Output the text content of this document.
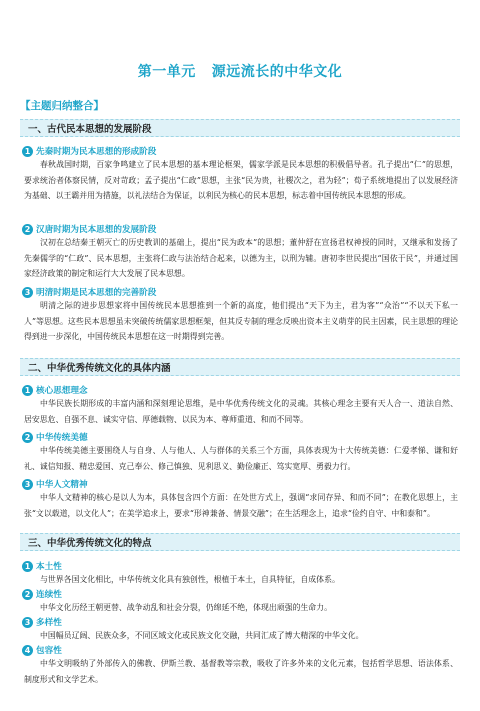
第一单元 源远流长的中华文化
【主题归纳整合】
一、古代民本思想的发展阶段
1 先秦时期为民本思想的形成阶段

春秋战国时期，百家争鸣建立了民本思想的基本理论框架，儒家学派是民本思想的积极倡导者。孔子提出“仁”的思想，要求统治者体察民情，反对苛政；孟子提出“仁政”思想，主张“民为贵，社稷次之，君为轻”；荀子系统地提出了以发展经济为基础、以王霸并用为措施，以礼法结合为保证，以利民为核心的民本思想，标志着中国传统民本思想的形成。

2 汉唐时期为民本思想的发展阶段

汉初在总结秦王朝灭亡的历史教训的基础上，提出“民为政本”的思想；董仲舒在宣扬君权神授的同时，又继承和发扬了先秦儒学的“仁政”、民本思想，主张将仁政与法治结合起来，以德为主，以刑为辅。唐初李世民提出“国依于民”，并通过国家经济政策的制定和运行大大发展了民本思想。

3 明清时期是民本思想的完善阶段

明清之际的进步思想家将中国传统民本思想推到一个新的高度，他们提出“天下为主，君为客”“众治”“不以天下私一人”等思想。这些民本思想虽未突破传统儒家思想框架，但其反专制的理念反映出资本主义萌芽的民主因素，民主思想的理论得到进一步深化，中国传统民本思想在这一时期得到完善。

二、中华优秀传统文化的具体内涵
1 核心思想理念

中华民族长期形成的丰富内涵和深刻理论思维，是中华优秀传统文化的灵魂。其核心理念主要有天人合一、道法自然、居安思危、自强不息、诚实守信、厚德载物、以民为本、尊师重道、和而不同等。

2 中华传统美德

中华传统美德主要围绕人与自身、人与他人、人与群体的关系三个方面，具体表现为十大传统美德：仁爱孝悌、谦和好礼、诚信知报、精忠爱国、克己奉公、修己慎独、见利思义、勤俭廉正、笃实宽厚、勇毅力行。

3 中华人文精神

中华人文精神的核心是以人为本，具体包含四个方面：在处世方式上，强调“求同存异、和而不同”；在教化思想上，主张“文以载道，以文化人”；在美学追求上，要求“形神兼备、情景交融”；在生活理念上，追求“俭约自守、中和泰和”。

三、中华优秀传统文化的特点
1 本土性

与世界各国文化相比，中华传统文化具有独创性，根植于本土，自具特征，自成体系。

2 连续性

中华文化历经王朝更替、战争动乱和社会分裂，仍绵延不绝，体现出顽强的生命力。

3 多样性

中国幅员辽阔、民族众多，不同区域文化或民族文化交融，共同汇成了博大精深的中华文化。

4 包容性

中华文明吸纳了外部传入的佛教、伊斯兰教、基督教等宗教，吸收了许多外来的文化元素，包括哲学思想、语法体系、制度形式和文学艺术。
